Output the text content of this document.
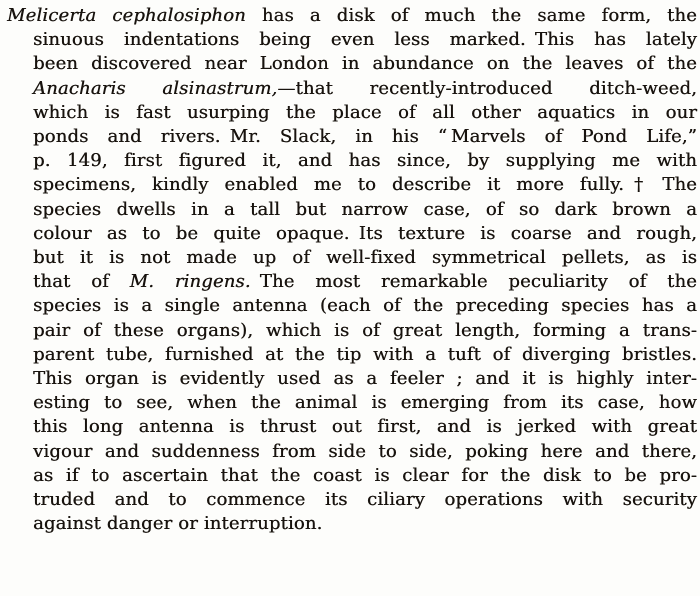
Melicerta cephalosiphon has a disk of much the same form, the
sinuous indentations being even less marked. This has lately
been discovered near London in abundance on the leaves of the
Anacharis alsinastrum,—that recently-introduced ditch-weed,
which is fast usurping the place of all other aquatics in our
ponds and rivers. Mr. Slack, in his “ Marvels of Pond Life,”
p. 149, first figured it, and has since, by supplying me with
specimens, kindly enabled me to describe it more fully.† The
species dwells in a tall but narrow case, of so dark brown a
colour as to be quite opaque. Its texture is coarse and rough,
but it is not made up of well-fixed symmetrical pellets, as is
that of M. ringens. The most remarkable peculiarity of the
species is a single antenna (each of the preceding species has a
pair of these organs), which is of great length, forming a trans-
parent tube, furnished at the tip with a tuft of diverging bristles.
This organ is evidently used as a feeler ; and it is highly inter-
esting to see, when the animal is emerging from its case, how
this long antenna is thrust out first, and is jerked with great
vigour and suddenness from side to side, poking here and there,
as if to ascertain that the coast is clear for the disk to be pro-
truded and to commence its ciliary operations with security
against danger or interruption.
